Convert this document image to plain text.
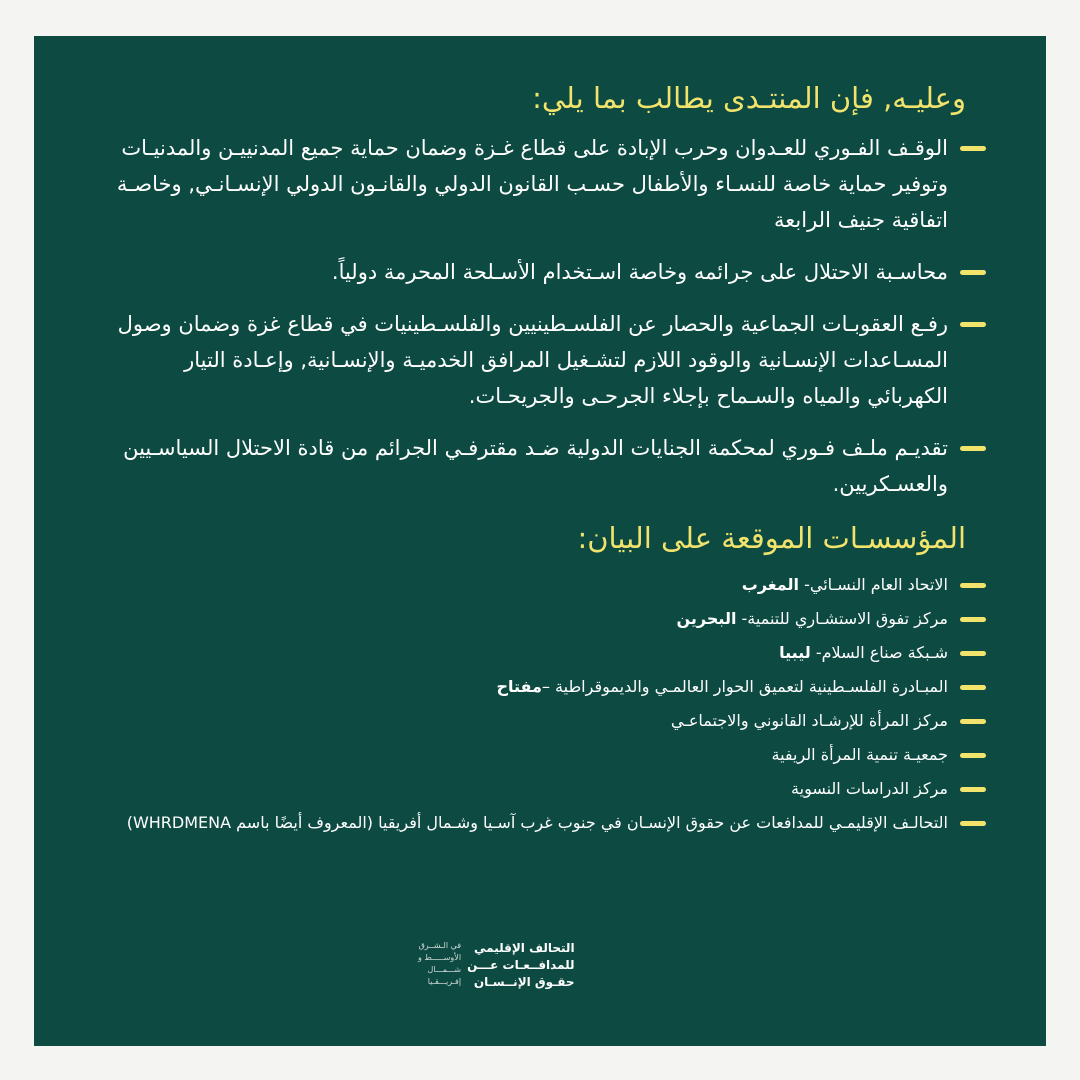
وعليـه, فإن المنتـدى يطالب بما يلي:
الوقـف الفـوري للعـدوان وحرب الإبادة على قطاع غـزة وضمان حماية جميع المدنييـن والمدنيـات وتوفير حماية خاصة للنسـاء والأطفال حسـب القانون الدولي والقانـون الدولي الإنسـانـي, وخاصـة اتفاقية جنيف الرابعة
محاسـبة الاحتلال على جرائمه وخاصة اسـتخدام الأسـلحة المحرمة دولياً.
رفـع العقوبـات الجماعية والحصار عن الفلسـطينيين والفلسـطينيات في قطاع غزة وضمان وصول المسـاعدات الإنسـانية والوقود اللازم لتشـغيل المرافق الخدميـة والإنسـانية, وإعـادة التيار الكهربائي والمياه والسـماح بإجلاء الجرحـى والجريحـات.
تقديـم ملـف فـوري لمحكمة الجنايات الدولية ضـد مقترفـي الجرائم من قادة الاحتلال السياسـيين والعسـكريين.
المؤسسـات الموقعة على البيان:
الاتحاد العام النسـائي- المغرب
مركز تفوق الاستشـاري للتنمية- البحرين
شـبكة صناع السلام- ليبيا
المبـادرة الفلسـطينية لتعميق الحوار العالمـي والديموقراطية –مفتاح
مركز المرأة للإرشـاد القانوني والاجتماعـي
جمعيـة تنمية المرأة الريفية
مركز الدراسات النسوية
التحالـف الإقليمـي للمدافعات عن حقوق الإنسـان في جنوب غرب آسـيا وشـمال أفريقيا (المعروف أيضًا باسم WHRDMENA)
التحالف الإقليمي
للمدافــعـات عـــن
حقـوق الإنــسـان
في الـشــرق
الأوســـــط و
شـــمـــال
إفـريـــقـيا
